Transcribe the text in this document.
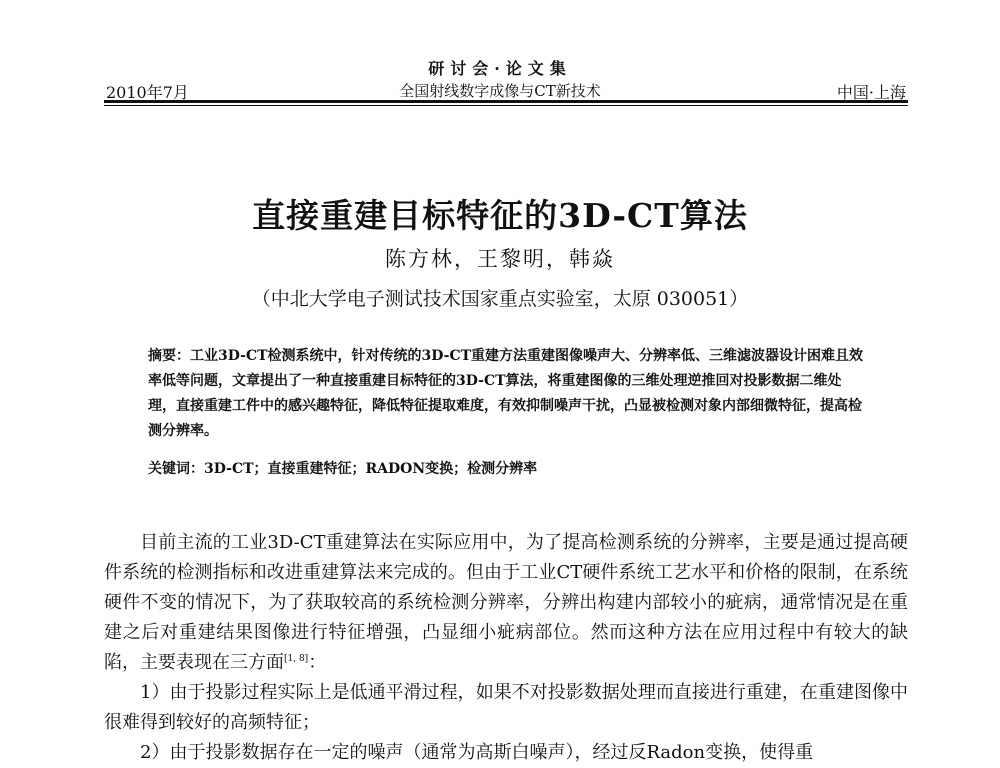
研讨会·论文集
2010年7月	全国射线数字成像与CT新技术	中国·上海
直接重建目标特征的3D-CT算法
陈方林，王黎明，韩焱
（中北大学电子测试技术国家重点实验室，太原 030051）
摘要：工业3D-CT检测系统中，针对传统的3D-CT重建方法重建图像噪声大、分辨率低、三维滤波器设计困难且效率低等问题，文章提出了一种直接重建目标特征的3D-CT算法，将重建图像的三维处理逆推回对投影数据二维处理，直接重建工件中的感兴趣特征，降低特征提取难度，有效抑制噪声干扰，凸显被检测对象内部细微特征，提高检测分辨率。
关键词：3D-CT；直接重建特征；RADON变换；检测分辨率

目前主流的工业3D-CT重建算法在实际应用中，为了提高检测系统的分辨率，主要是通过提高硬件系统的检测指标和改进重建算法来完成的。但由于工业CT硬件系统工艺水平和价格的限制，在系统硬件不变的情况下，为了获取较高的系统检测分辨率，分辨出构建内部较小的疵病，通常情况是在重建之后对重建结果图像进行特征增强，凸显细小疵病部位。然而这种方法在应用过程中有较大的缺陷，主要表现在三方面[1, 8]：

1）由于投影过程实际上是低通平滑过程，如果不对投影数据处理而直接进行重建，在重建图像中很难得到较好的高频特征；

2）由于投影数据存在一定的噪声（通常为高斯白噪声），经过反Radon变换，使得重
